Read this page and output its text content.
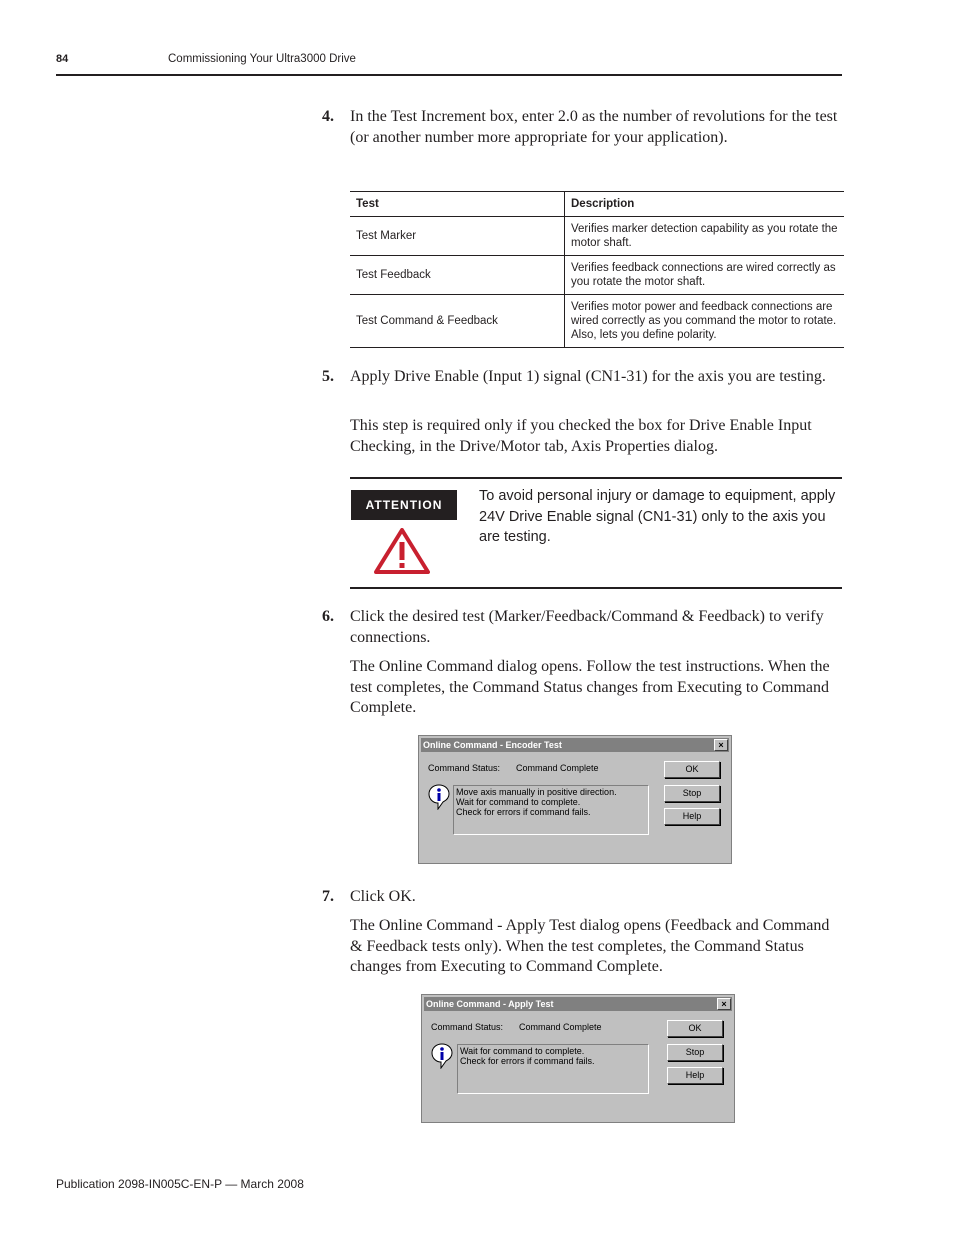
84	Commissioning Your Ultra3000 Drive
4. In the Test Increment box, enter 2.0 as the number of revolutions for the test (or another number more appropriate for your application).
Test	Description
Test Marker	Verifies marker detection capability as you rotate the motor shaft.
Test Feedback	Verifies feedback connections are wired correctly as you rotate the motor shaft.
Test Command & Feedback	Verifies motor power and feedback connections are wired correctly as you command the motor to rotate. Also, lets you define polarity.
5. Apply Drive Enable (Input 1) signal (CN1-31) for the axis you are testing.
This step is required only if you checked the box for Drive Enable Input Checking, in the Drive/Motor tab, Axis Properties dialog.
ATTENTION
To avoid personal injury or damage to equipment, apply 24V Drive Enable signal (CN1-31) only to the axis you are testing.
6. Click the desired test (Marker/Feedback/Command & Feedback) to verify connections.
The Online Command dialog opens. Follow the test instructions. When the test completes, the Command Status changes from Executing to Command Complete.
Online Command - Encoder Test	×
Command Status: Command Complete
Move axis manually in positive direction.
Wait for command to complete.
Check for errors if command fails.
OK
Stop
Help
7. Click OK.
The Online Command - Apply Test dialog opens (Feedback and Command & Feedback tests only). When the test completes, the Command Status changes from Executing to Command Complete.
Online Command - Apply Test	×
Command Status: Command Complete
Wait for command to complete.
Check for errors if command fails.
OK
Stop
Help
Publication 2098-IN005C-EN-P — March 2008
